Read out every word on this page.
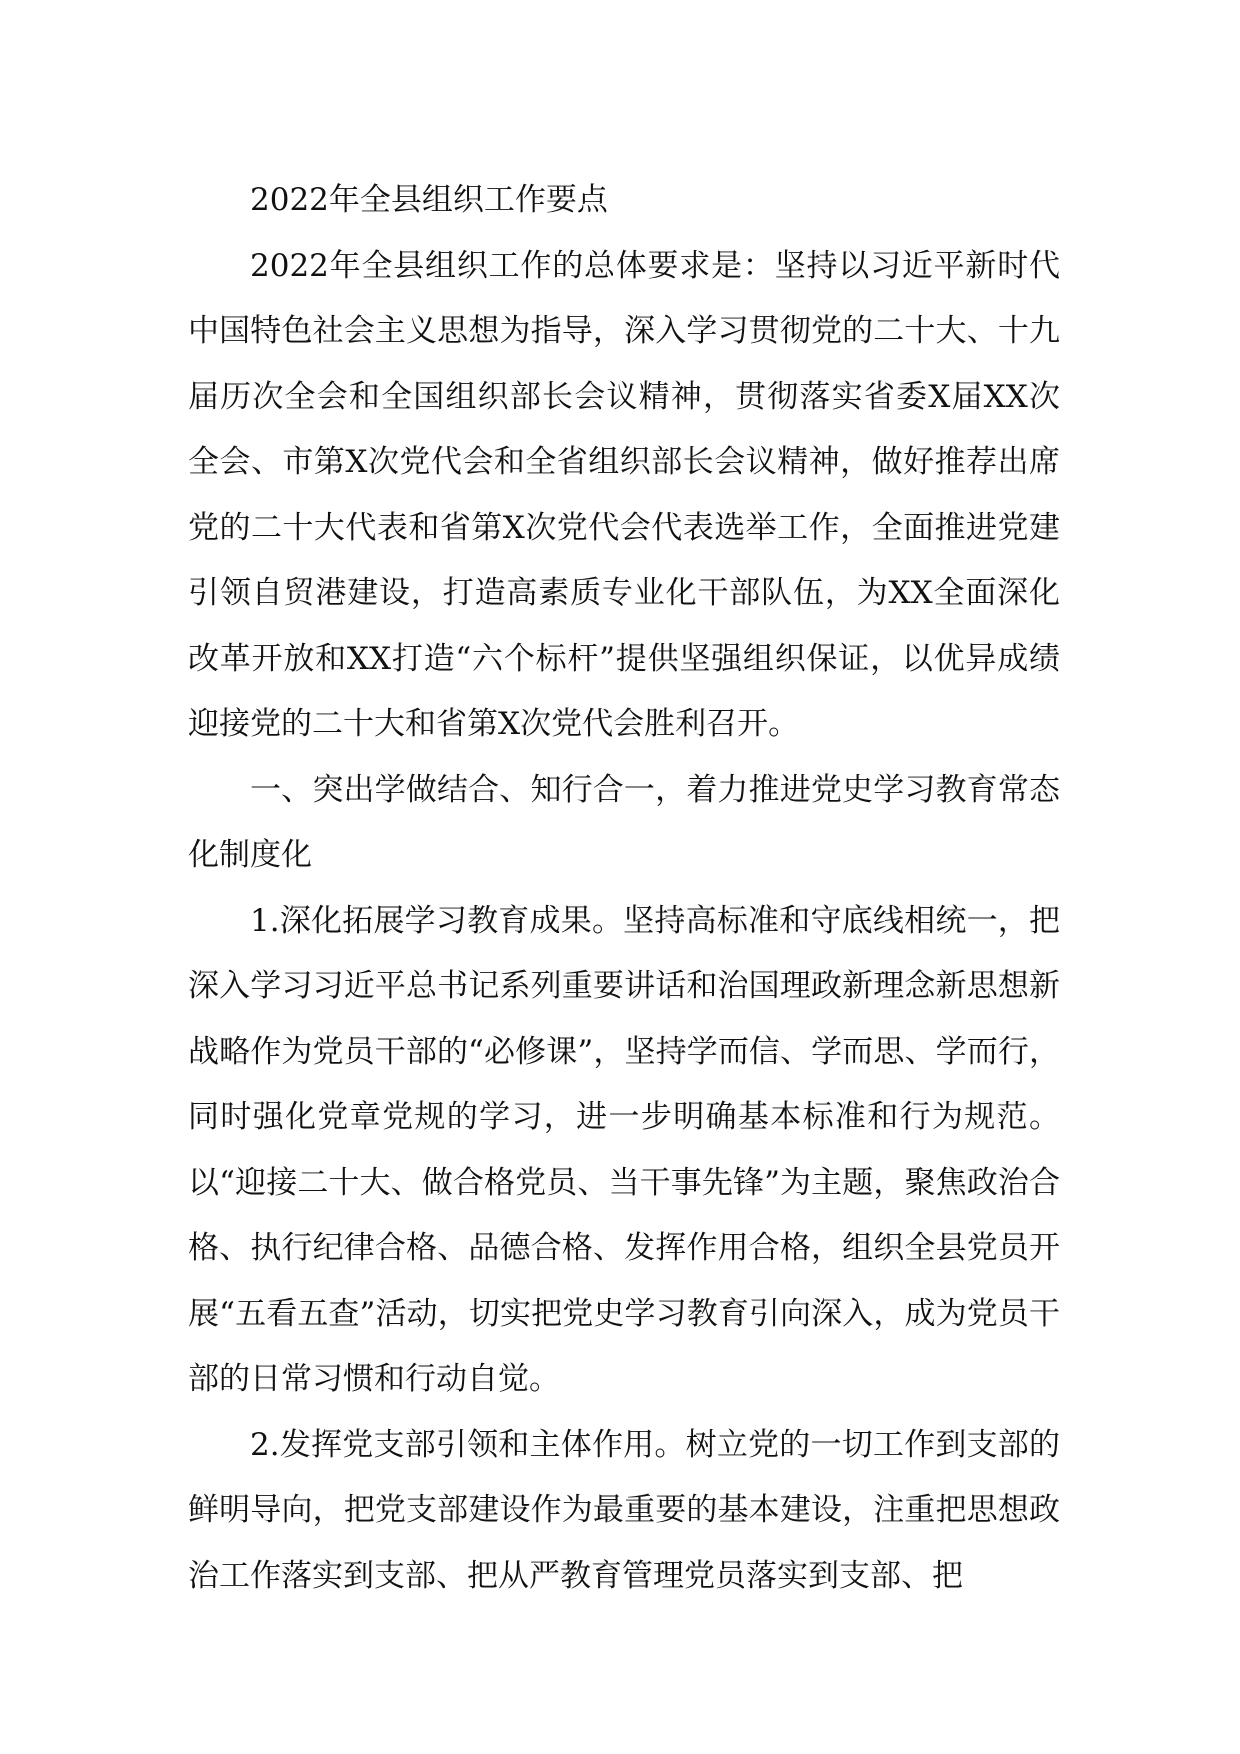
2022年全县组织工作要点

2022年全县组织工作的总体要求是：坚持以习近平新时代中国特色社会主义思想为指导，深入学习贯彻党的二十大、十九届历次全会和全国组织部长会议精神，贯彻落实省委X届XX次全会、市第X次党代会和全省组织部长会议精神，做好推荐出席党的二十大代表和省第X次党代会代表选举工作，全面推进党建引领自贸港建设，打造高素质专业化干部队伍，为XX全面深化改革开放和XX打造“六个标杆”提供坚强组织保证，以优异成绩迎接党的二十大和省第X次党代会胜利召开。

一、突出学做结合、知行合一，着力推进党史学习教育常态化制度化

1.深化拓展学习教育成果。坚持高标准和守底线相统一，把深入学习习近平总书记系列重要讲话和治国理政新理念新思想新战略作为党员干部的“必修课”，坚持学而信、学而思、学而行，同时强化党章党规的学习，进一步明确基本标准和行为规范。以“迎接二十大、做合格党员、当干事先锋”为主题，聚焦政治合格、执行纪律合格、品德合格、发挥作用合格，组织全县党员开展“五看五查”活动，切实把党史学习教育引向深入，成为党员干部的日常习惯和行动自觉。

2.发挥党支部引领和主体作用。树立党的一切工作到支部的鲜明导向，把党支部建设作为最重要的基本建设，注重把思想政治工作落实到支部、把从严教育管理党员落实到支部、把
